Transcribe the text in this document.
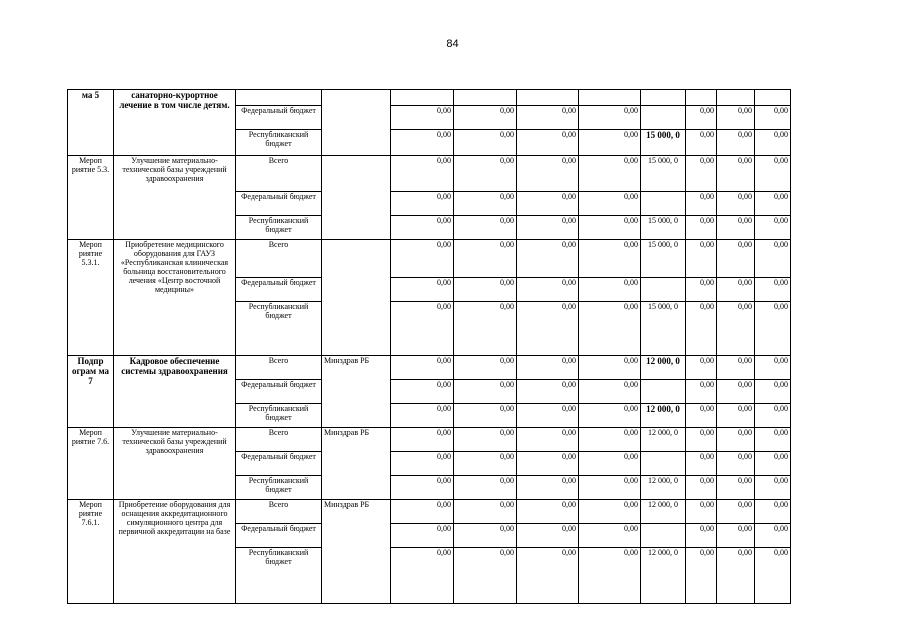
84
ма 5	санаторно-курортное лечение в том числе детям.										
		Федеральный бюджет		0,00	0,00	0,00	0,00		0,00	0,00	0,00
		Республиканский бюджет		0,00	0,00	0,00	0,00	15 000, 0	0,00	0,00	0,00
Мероп риятие 5.3.	Улучшение материально-технической базы учреждений здравоохранения	Всего		0,00	0,00	0,00	0,00	15 000, 0	0,00	0,00	0,00
		Федеральный бюджет		0,00	0,00	0,00	0,00		0,00	0,00	0,00
		Республиканский бюджет		0,00	0,00	0,00	0,00	15 000, 0	0,00	0,00	0,00
Мероп риятие 5.3.1.	Приобретение медицинского оборудования для ГАУЗ «Республиканская клиническая больница восстановительного лечения «Центр восточной медицины»	Всего		0,00	0,00	0,00	0,00	15 000, 0	0,00	0,00	0,00
		Федеральный бюджет		0,00	0,00	0,00	0,00		0,00	0,00	0,00
		Республиканский бюджет		0,00	0,00	0,00	0,00	15 000, 0	0,00	0,00	0,00
Подпр ограм ма 7	Кадровое обеспечение системы здравоохранения	Всего	Минздрав РБ	0,00	0,00	0,00	0,00	12 000, 0	0,00	0,00	0,00
		Федеральный бюджет		0,00	0,00	0,00	0,00		0,00	0,00	0,00
		Республиканский бюджет		0,00	0,00	0,00	0,00	12 000, 0	0,00	0,00	0,00
Мероп риятие 7.6.	Улучшение материально-технической базы учреждений здравоохранения	Всего	Минздрав РБ	0,00	0,00	0,00	0,00	12 000, 0	0,00	0,00	0,00
		Федеральный бюджет		0,00	0,00	0,00	0,00		0,00	0,00	0,00
		Республиканский бюджет		0,00	0,00	0,00	0,00	12 000, 0	0,00	0,00	0,00
Мероп риятие 7.6.1.	Приобретение оборудования для оснащения аккредитационного симуляционного центра для первичной аккредитации на базе	Всего	Минздрав РБ	0,00	0,00	0,00	0,00	12 000, 0	0,00	0,00	0,00
		Федеральный бюджет		0,00	0,00	0,00	0,00		0,00	0,00	0,00
		Республиканский бюджет		0,00	0,00	0,00	0,00	12 000, 0	0,00	0,00	0,00
